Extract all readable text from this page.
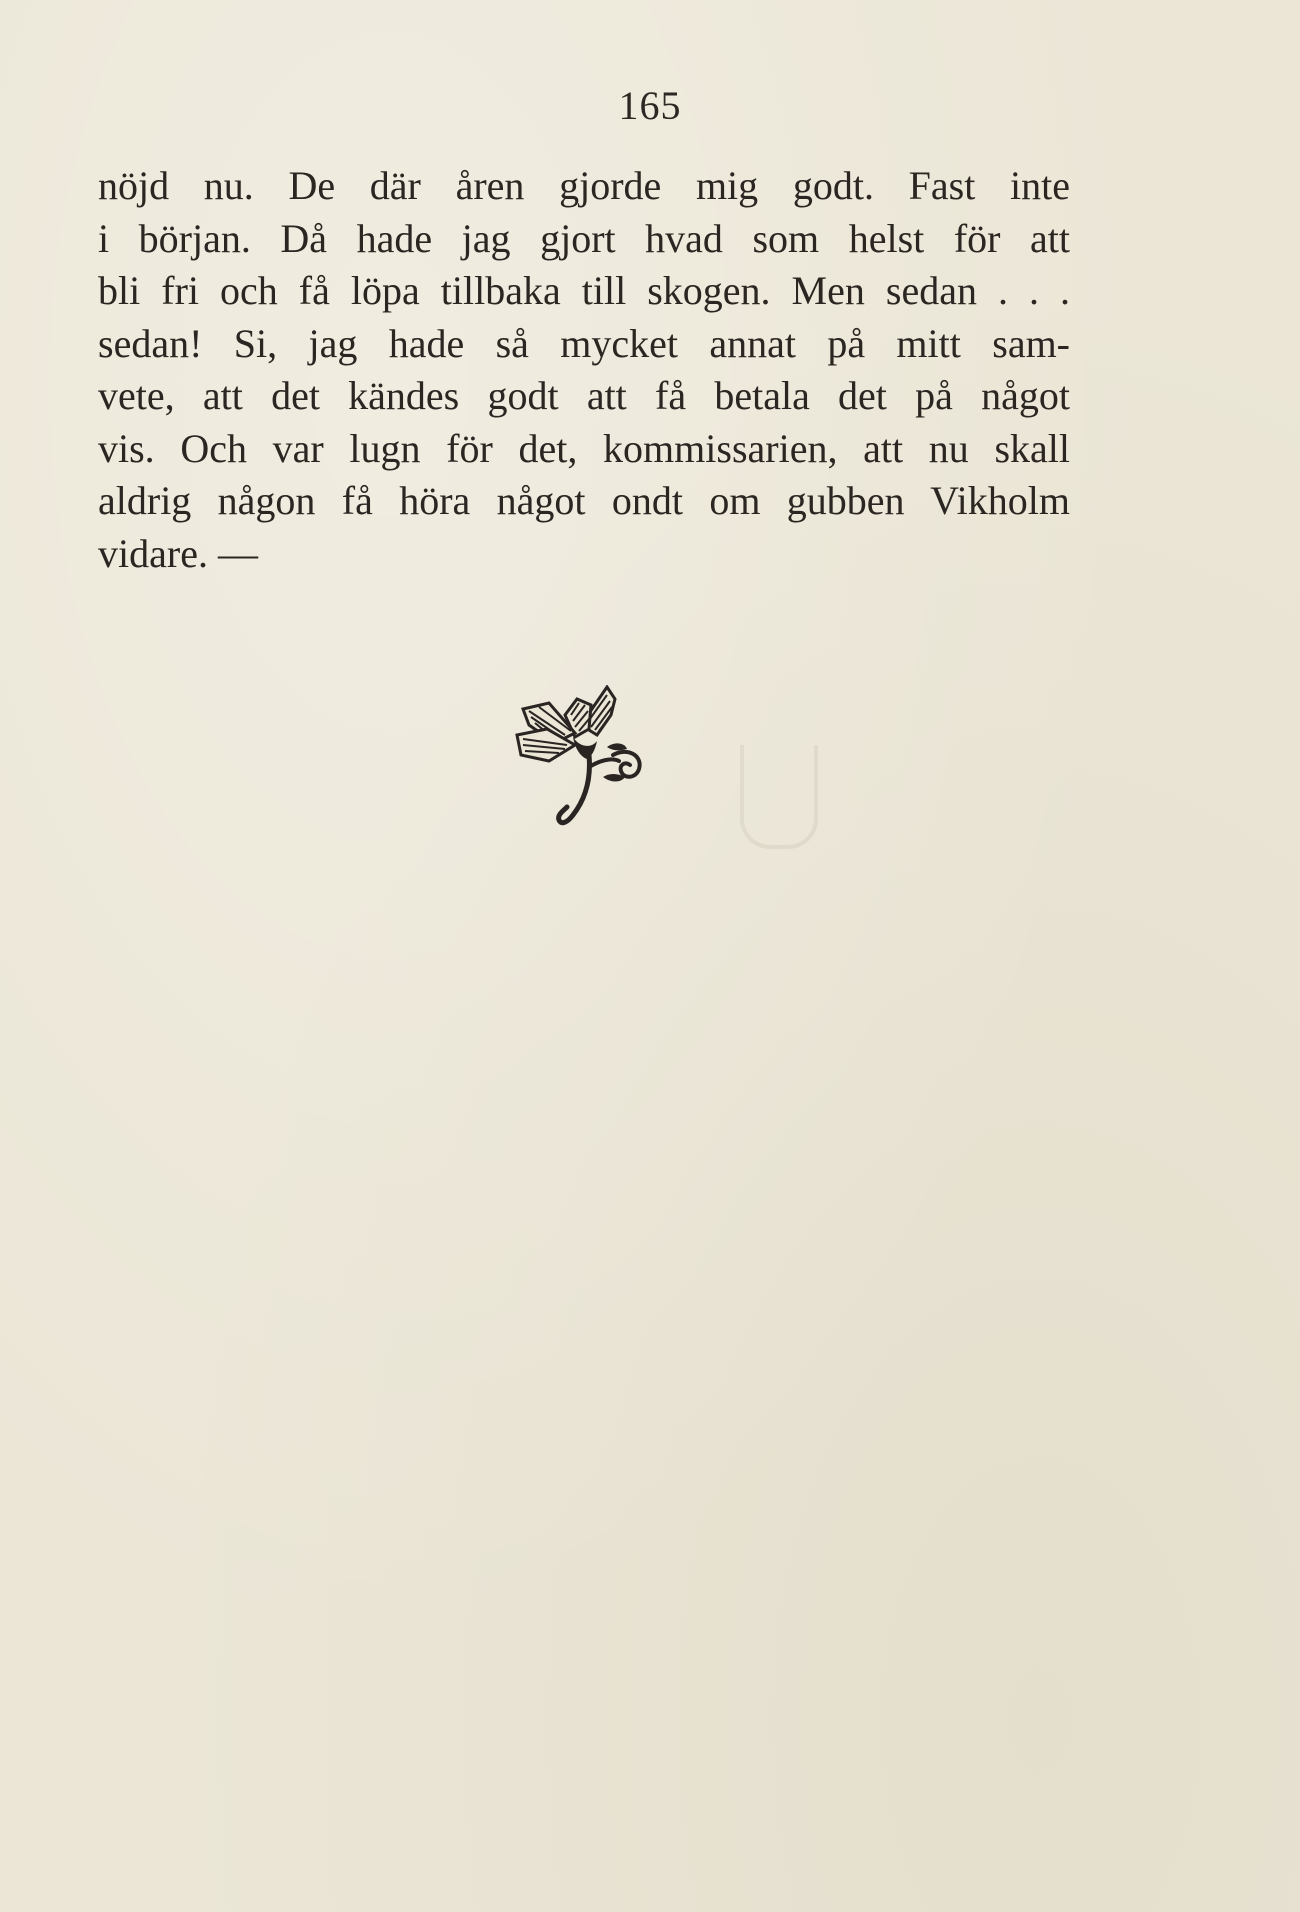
165
nöjd nu. De där åren gjorde mig godt. Fast inte
i början. Då hade jag gjort hvad som helst för att
bli fri och få löpa tillbaka till skogen. Men sedan . . .
sedan! Si, jag hade så mycket annat på mitt sam-
vete, att det kändes godt att få betala det på något
vis. Och var lugn för det, kommissarien, att nu skall
aldrig någon få höra något ondt om gubben Vikholm
vidare. —
